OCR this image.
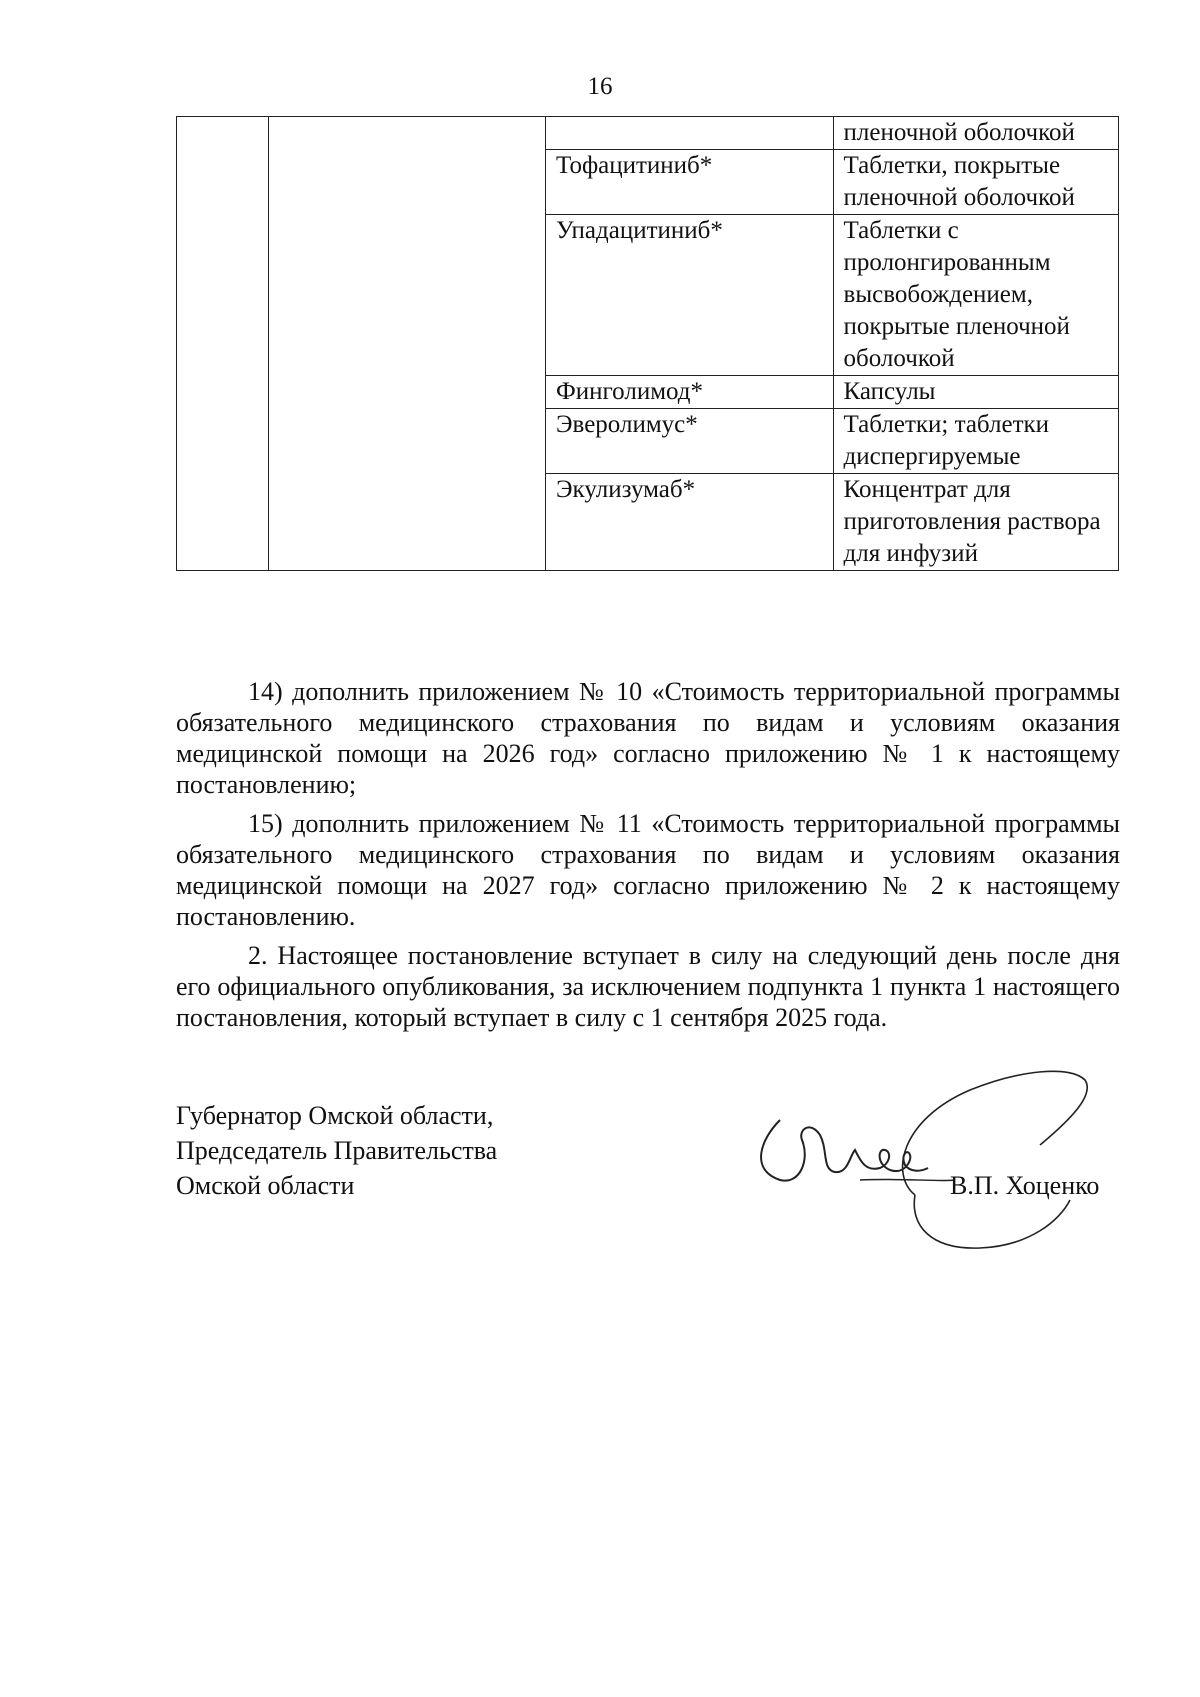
16
			пленочной оболочкой
		Тофацитиниб*	Таблетки, покрытые пленочной оболочкой
		Упадацитиниб*	Таблетки с пролонгированным высвобождением, покрытые пленочной оболочкой
		Финголимод*	Капсулы
		Эверолимус*	Таблетки; таблетки диспергируемые
		Экулизумаб*	Концентрат для приготовления раствора для инфузий
14) дополнить приложением № 10 «Стоимость территориальной программы обязательного медицинского страхования по видам и условиям оказания медицинской помощи на 2026 год» согласно приложению № 1 к настоящему постановлению;
15) дополнить приложением № 11 «Стоимость территориальной программы обязательного медицинского страхования по видам и условиям оказания медицинской помощи на 2027 год» согласно приложению № 2 к настоящему постановлению.
2. Настоящее постановление вступает в силу на следующий день после дня его официального опубликования, за исключением подпункта 1 пункта 1 настоящего постановления, который вступает в силу с 1 сентября 2025 года.
Губернатор Омской области,
Председатель Правительства
Омской области	В.П. Хоценко
